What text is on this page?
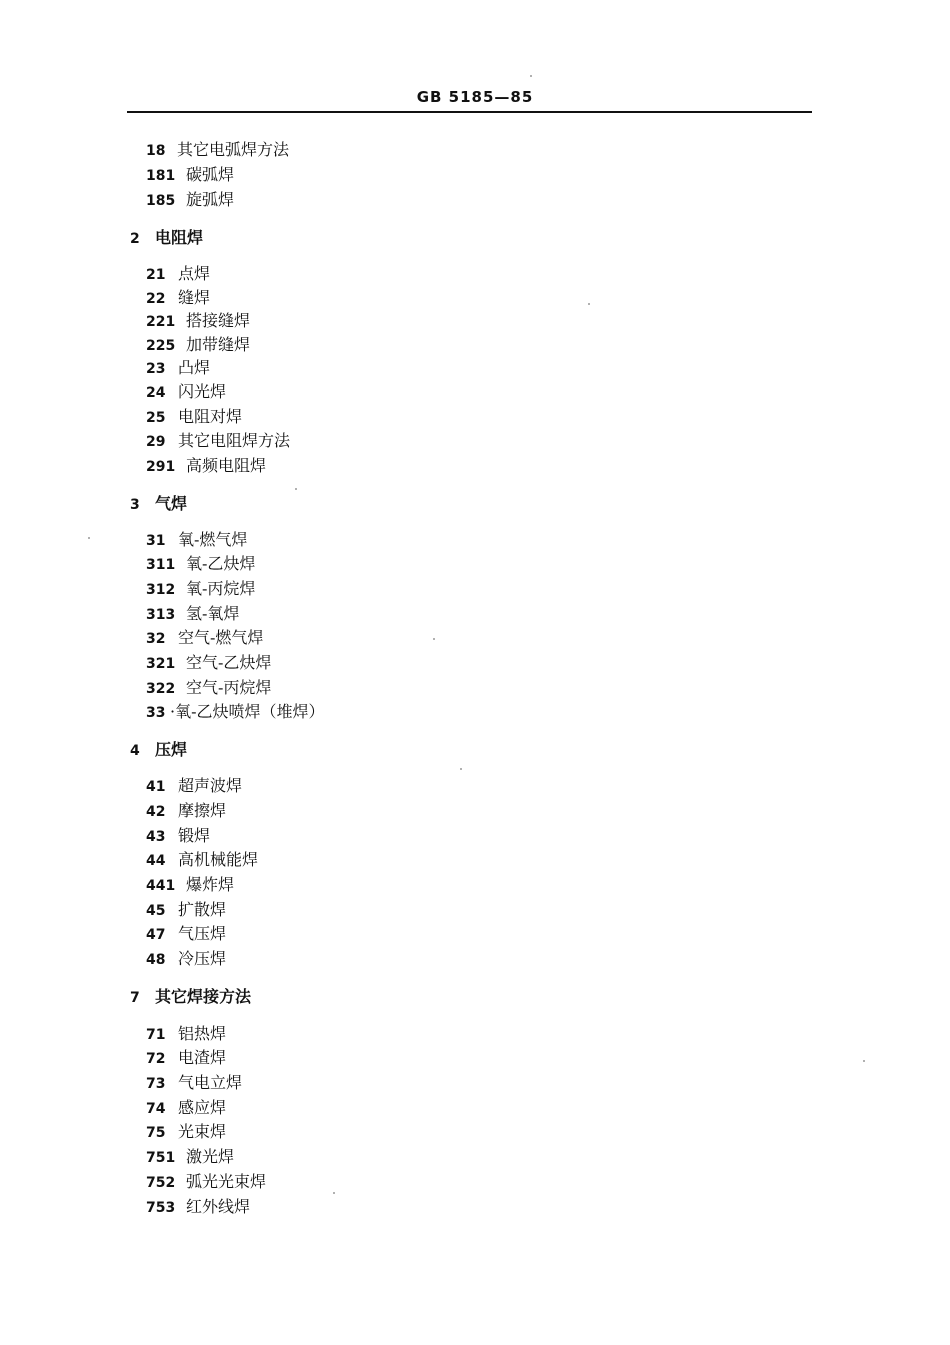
GB 5185—85
18 其它电弧焊方法
181 碳弧焊
185 旋弧焊
2 电阻焊
21 点焊
22 缝焊
221 搭接缝焊
225 加带缝焊
23 凸焊
24 闪光焊
25 电阻对焊
29 其它电阻焊方法
291 高频电阻焊
3 气焊
31 氧-燃气焊
311 氧-乙炔焊
312 氧-丙烷焊
313 氢-氧焊
32 空气-燃气焊
321 空气-乙炔焊
322 空气-丙烷焊
33 ·氧-乙炔喷焊（堆焊）
4 压焊
41 超声波焊
42 摩擦焊
43 锻焊
44 高机械能焊
441 爆炸焊
45 扩散焊
47 气压焊
48 冷压焊
7 其它焊接方法
71 铝热焊
72 电渣焊
73 气电立焊
74 感应焊
75 光束焊
751 激光焊
752 弧光光束焊
753 红外线焊
